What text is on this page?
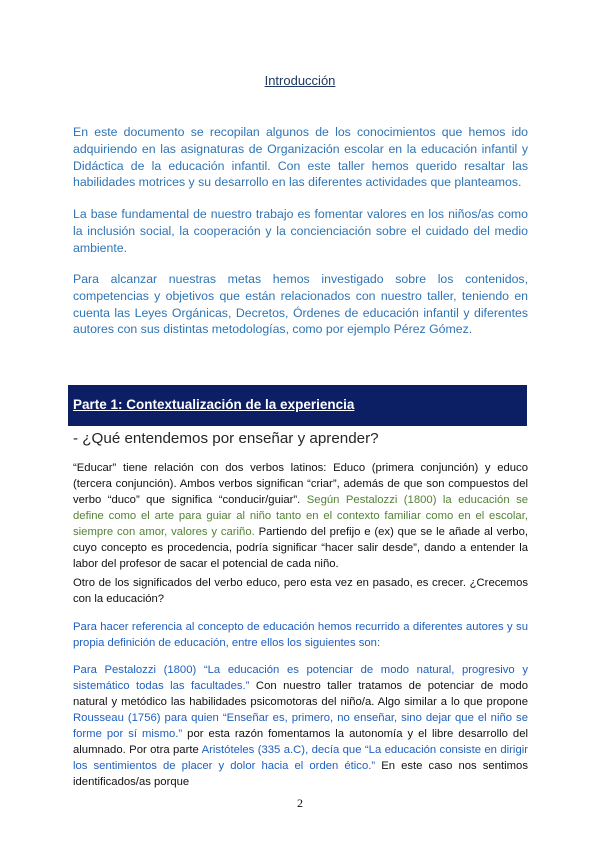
Introducción

En este documento se recopilan algunos de los conocimientos que hemos ido adquiriendo en las asignaturas de Organización escolar en la educación infantil y Didáctica de la educación infantil. Con este taller hemos querido resaltar las habilidades motrices y su desarrollo en las diferentes actividades que planteamos.

La base fundamental de nuestro trabajo es fomentar valores en los niños/as como la inclusión social, la cooperación y la concienciación sobre el cuidado del medio ambiente.

Para alcanzar nuestras metas hemos investigado sobre los contenidos, competencias y objetivos que están relacionados con nuestro taller, teniendo en cuenta las Leyes Orgánicas, Decretos, Órdenes de educación infantil y diferentes autores con sus distintas metodologías, como por ejemplo Pérez Gómez.

Parte 1: Contextualización de la experiencia
- ¿Qué entendemos por enseñar y aprender?

“Educar” tiene relación con dos verbos latinos: Educo (primera conjunción) y educo (tercera conjunción). Ambos verbos significan “criar”, además de que son compuestos del verbo “duco” que significa “conducir/guiar”. Según Pestalozzi (1800) la educación se define como el arte para guiar al niño tanto en el contexto familiar como en el escolar, siempre con amor, valores y cariño. Partiendo del prefijo e (ex) que se le añade al verbo, cuyo concepto es procedencia, podría significar “hacer salir desde”, dando a entender la labor del profesor de sacar el potencial de cada niño.

Otro de los significados del verbo educo, pero esta vez en pasado, es crecer. ¿Crecemos con la educación?

Para hacer referencia al concepto de educación hemos recurrido a diferentes autores y su propia definición de educación, entre ellos los siguientes son:

Para Pestalozzi (1800) “La educación es potenciar de modo natural, progresivo y sistemático todas las facultades.” Con nuestro taller tratamos de potenciar de modo natural y metódico las habilidades psicomotoras del niño/a. Algo similar a lo que propone Rousseau (1756) para quien “Enseñar es, primero, no enseñar, sino dejar que el niño se forme por sí mismo.” por esta razón fomentamos la autonomía y el libre desarrollo del alumnado. Por otra parte Aristóteles (335 a.C), decía que “La educación consiste en dirigir los sentimientos de placer y dolor hacia el orden ético.” En este caso nos sentimos identificados/as porque

2
